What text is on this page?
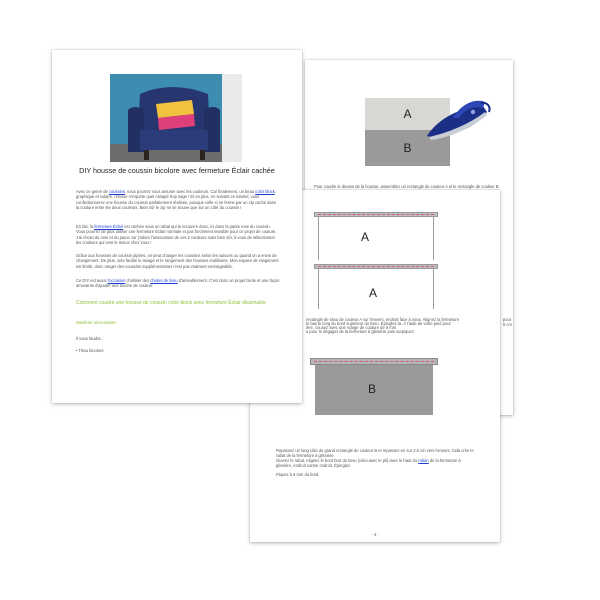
A
B
Pour coudre le devant de la housse, assemblez un rectangle de couleur A et le rectangle de couleur B
pour
5 cm
A
A
rectangle de tissu de couleur A sur l'envers, endroit face à vous. Alignez la fermeture
le bas le long du bord supérieur du tissu. Épinglez-la. À l'aide de votre pied pour
ière, cousez avec une marge de couture de 6 mm.
u pour le dégager de la fermeture à glissière puis surpiquez.
B
Repassez un long côté du grand rectangle de couleur B et repassez-en sur 2,5 cm vers l'envers. Cela crée le rabat de la fermeture à glissière.
Ouvrez le rabat. Alignez le bord brut du tissu (celui avec le pli) avec le haut du ruban de la fermeture à glissière, endroit contre endroit. Épinglez.
Piquez à 6 mm du bord.
- 4 -
DIY housse de coussin bicolore avec fermeture Éclair cachée
Avec ce genre de coussins, vous pourrez vous amuser avec les couleurs. Car finalement, un beau color block, graphique et solaire, rehisse n'importe quel canapé trop sage ! Et en plus, en suivant ce tutoriel, vous confectionnerez une housse du coussin parfaitement réalisée, puisque celle-ci se ferme par un zip caché dans la couture entre les deux couleurs. Bien sûr le zip ne se trouve que sur un côté du coussin !
En fait, la fermeture Éclair est cachée sous un rabat qui la recouvre donc, ici dans la partie rose du coussin. Vous pourrez de plus utiliser une fermeture Éclair normale et pas forcément invisible pour ce projet de couture. J'ai choisi du rose et du jaune car j'adore l'association de ces 2 couleurs mais bien sûr, à vous de sélectionner les couleurs qui vont le mieux chez vous !
Grâce aux housses de coussin pipées, on peut changer les coussins selon les saisons ou quand on a envie de changement. De plus, cela facilite le lavage et le rangement des housses inutilisées. Mon espace de rangement est limité, donc ranger des coussins supplémentaires n'est pas vraiment envisageable.
Ce DIY est aussi l'occasion d'utiliser des chutes de tissu d'ameublement. C'est donc un projet facile et une façon amusante d'ajouter une touche de couleur.
Comment coudre une housse de coussin color block avec fermeture Éclair dissimulée
Matériel nécessaire
Il vous faudra :
• Tissu bicolore
